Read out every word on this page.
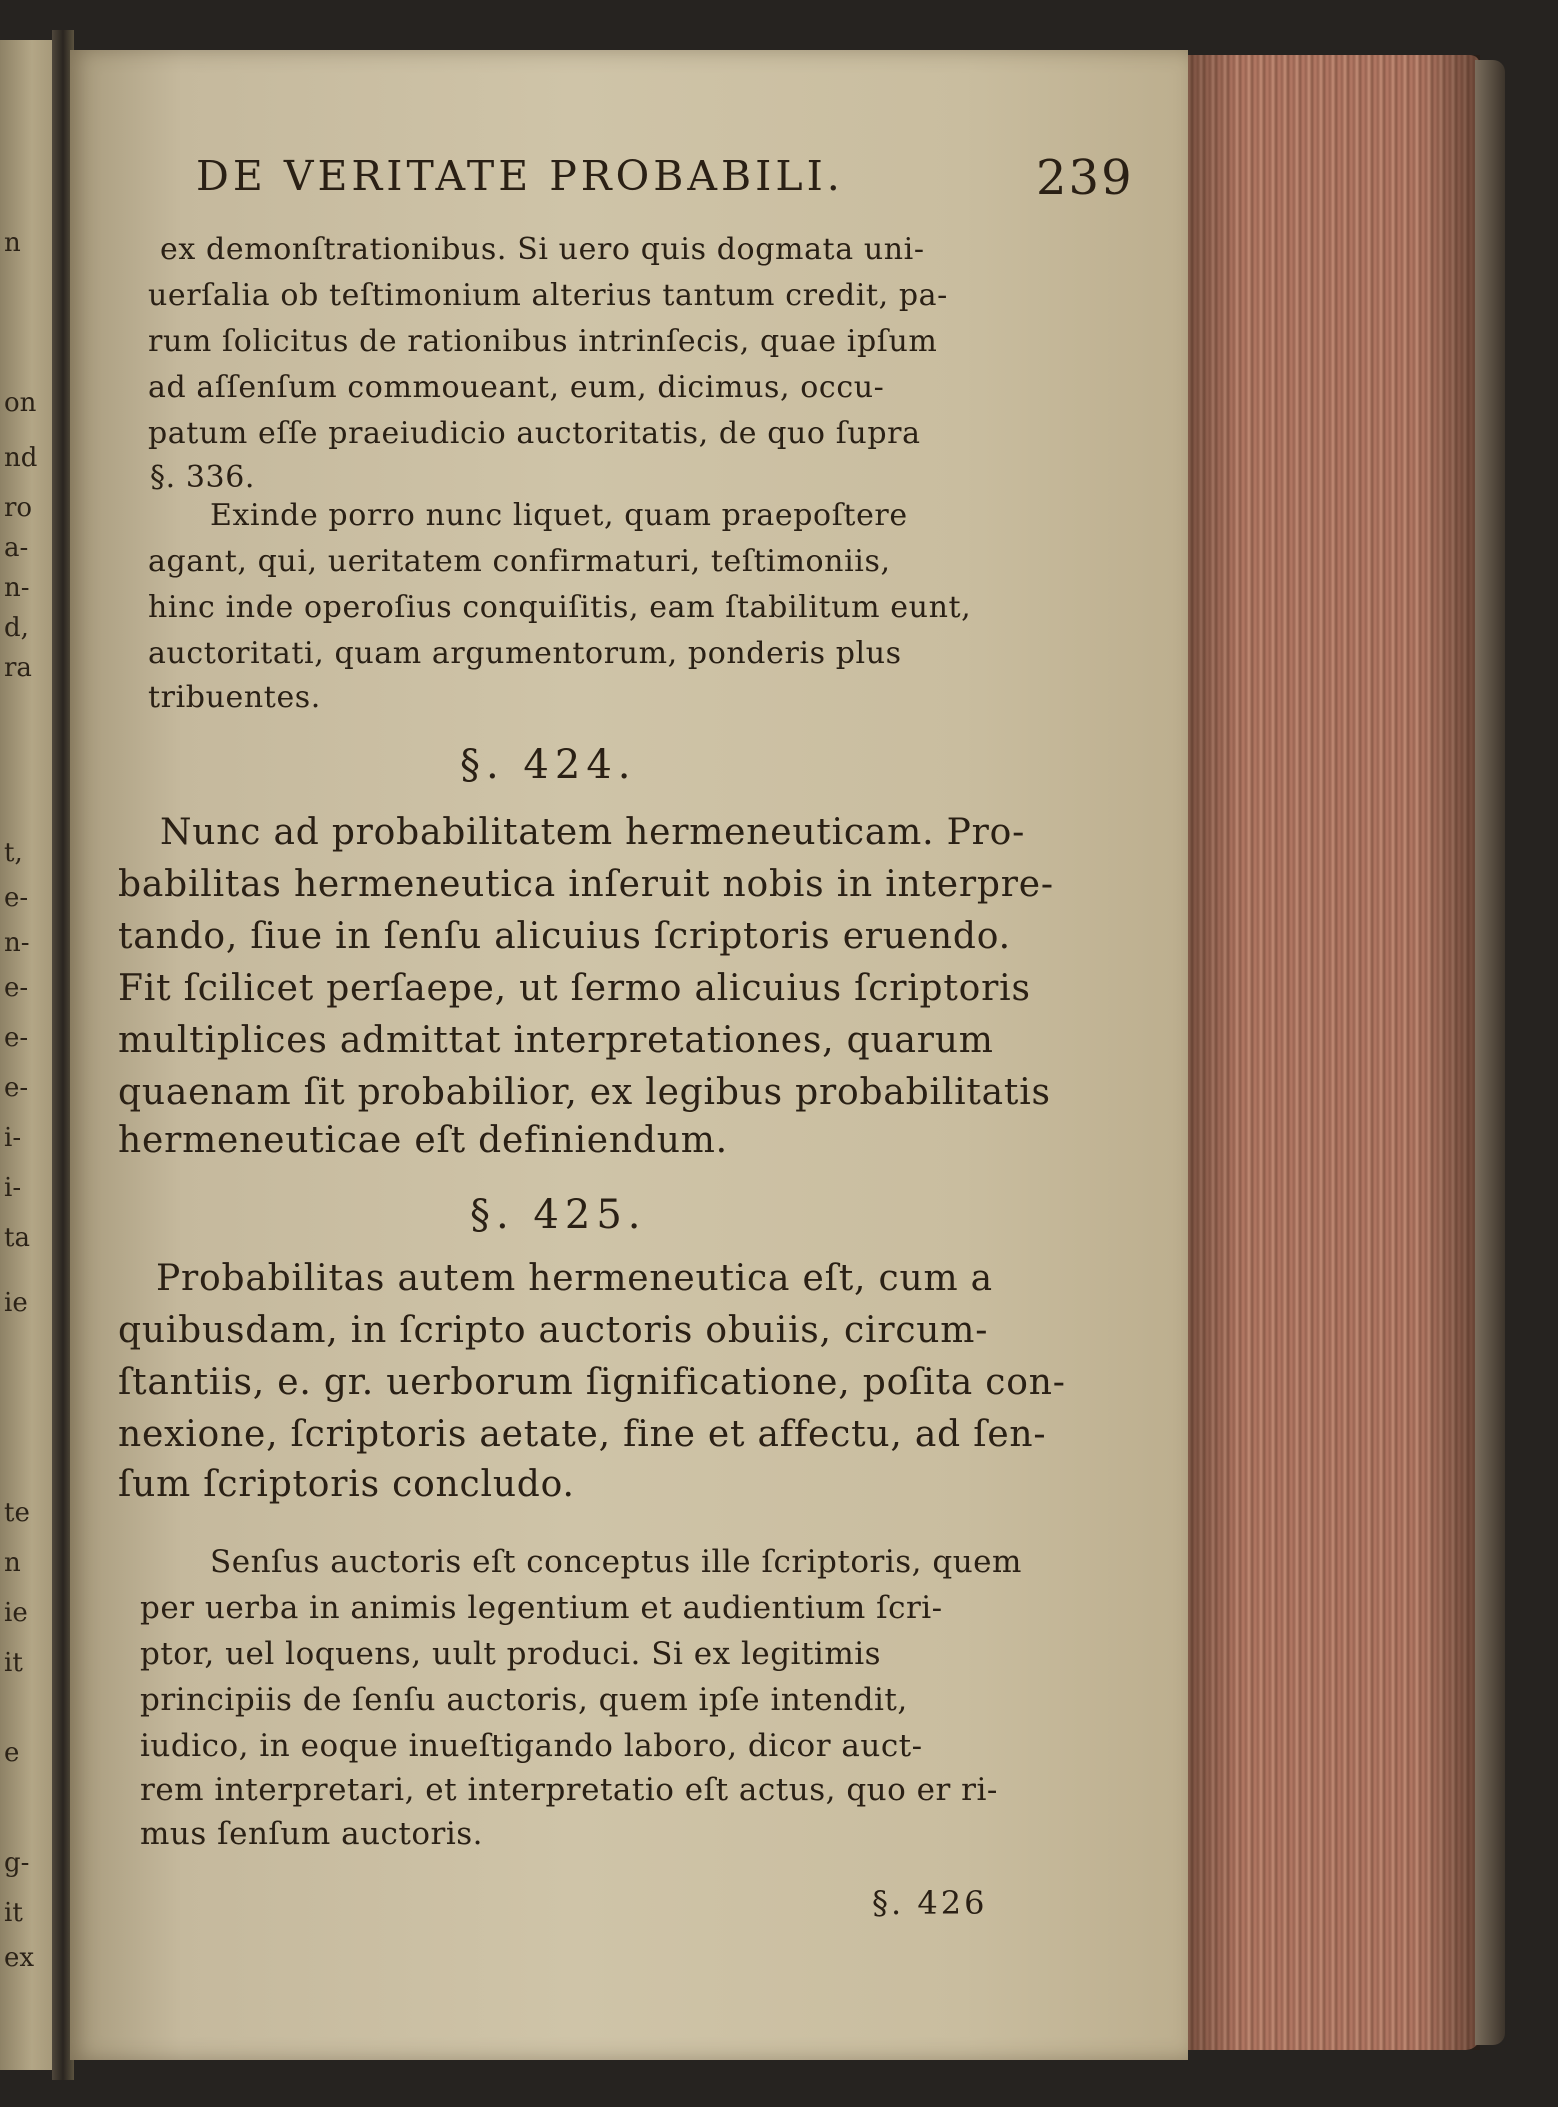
n
on
nd
ro
a-
n-
d,
ra
t,
e-
n-
e-
e-
e-
i-
i-
ta
ie
te
n
ie
it
e
g-
it
ex
DE VERITATE PROBABILI.	239
ex demonſtrationibus. Si uero quis dogmata uni-
uerſalia ob teſtimonium alterius tantum credit, pa-
rum ſolicitus de rationibus intrinſecis, quae ipſum
ad aſſenſum commoueant, eum, dicimus, occu-
patum eſſe praeiudicio auctoritatis, de quo ſupra
§. 336.
Exinde porro nunc liquet, quam praepoſtere
agant, qui, ueritatem confirmaturi, teſtimoniis,
hinc inde operoſius conquiſitis, eam ſtabilitum eunt,
auctoritati, quam argumentorum, ponderis plus
tribuentes.
§. 424.
Nunc ad probabilitatem hermeneuticam. Pro-
babilitas hermeneutica inſeruit nobis in interpre-
tando, ſiue in ſenſu alicuius ſcriptoris eruendo.
Fit ſcilicet perſaepe, ut ſermo alicuius ſcriptoris
multiplices admittat interpretationes, quarum
quaenam ſit probabilior, ex legibus probabilitatis
hermeneuticae eſt definiendum.
§. 425.
Probabilitas autem hermeneutica eſt, cum a
quibusdam, in ſcripto auctoris obuiis, circum-
ſtantiis, e. gr. uerborum ſignificatione, poſita con-
nexione, ſcriptoris aetate, fine et affectu, ad ſen-
ſum ſcriptoris concludo.
Senſus auctoris eſt conceptus ille ſcriptoris, quem
per uerba in animis legentium et audientium ſcri-
ptor, uel loquens, uult produci. Si ex legitimis
principiis de ſenſu auctoris, quem ipſe intendit,
iudico, in eoque inueſtigando laboro, dicor auct-
rem interpretari, et interpretatio eſt actus, quo er ri-
mus ſenſum auctoris.
§. 426
